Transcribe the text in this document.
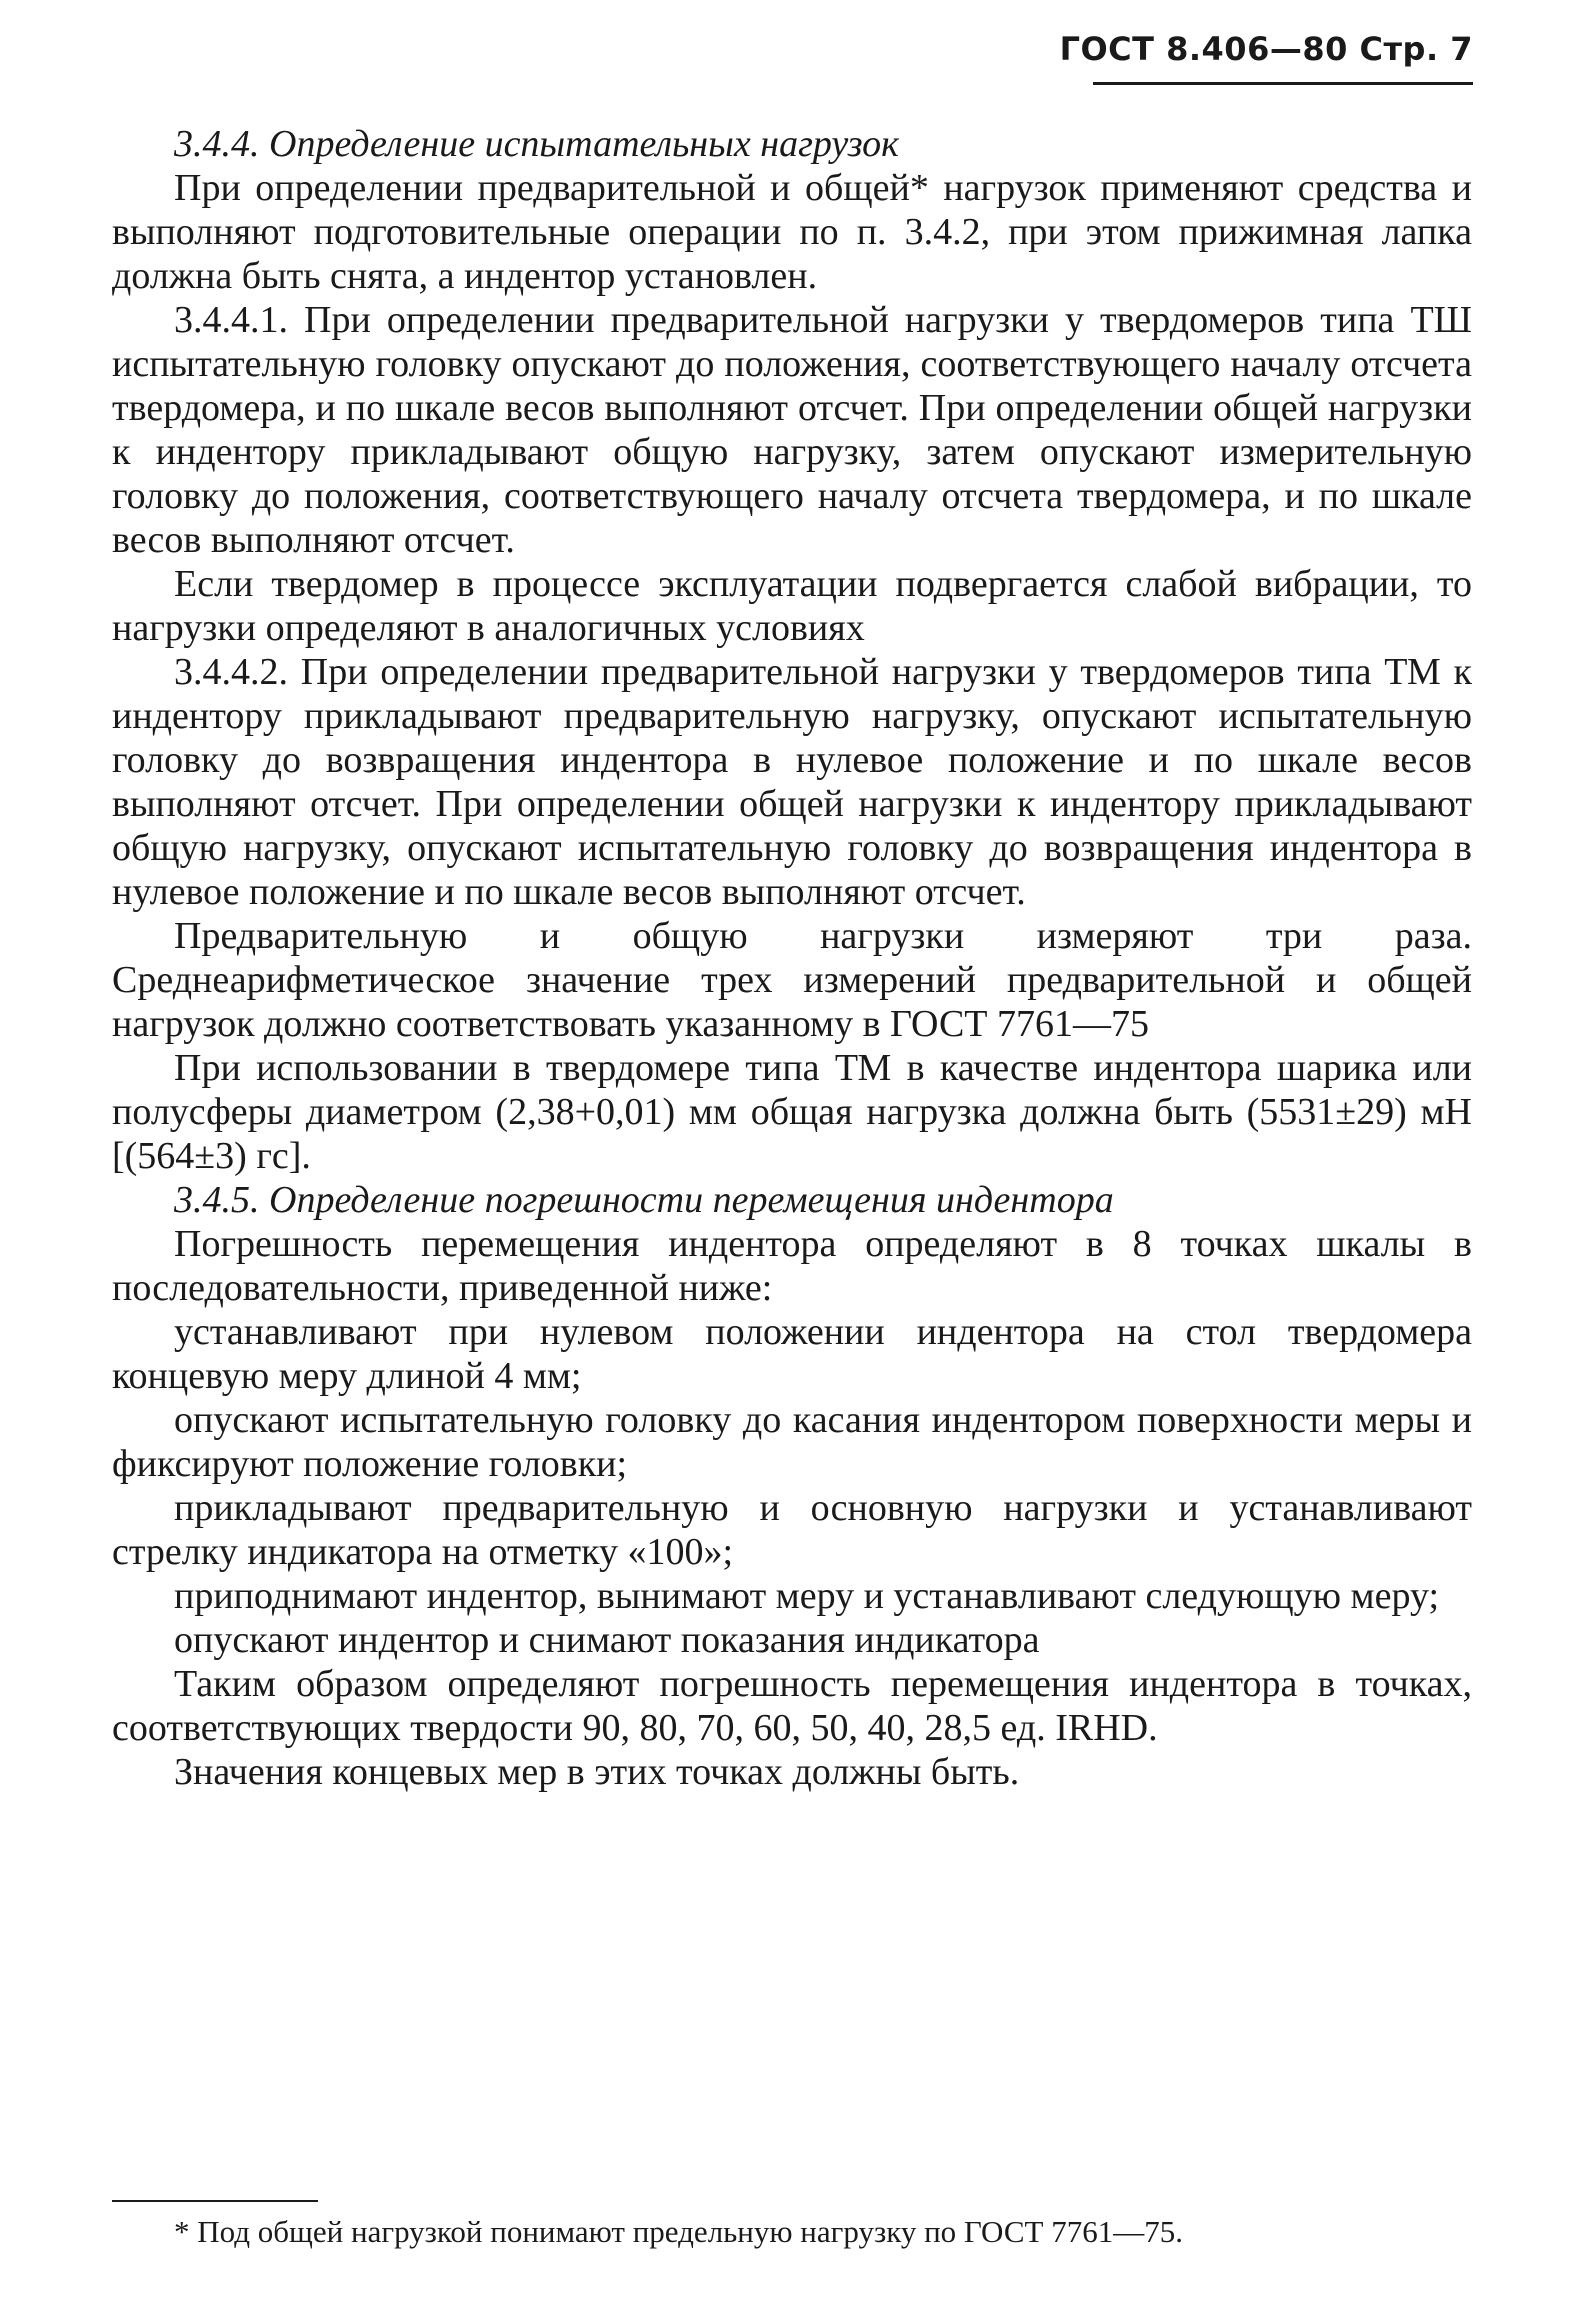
ГОСТ 8.406—80 Стр. 7

3.4.4. Определение испытательных нагрузок

При определении предварительной и общей* нагрузок применяют средства и выполняют подготовительные операции по п. 3.4.2, при этом прижимная лапка должна быть снята, а индентор установлен.

3.4.4.1. При определении предварительной нагрузки у твердомеров типа ТШ испытательную головку опускают до положения, соответствующего началу отсчета твердомера, и по шкале весов выполняют отсчет. При определении общей нагрузки к индентору прикладывают общую нагрузку, затем опускают измерительную головку до положения, соответствующего началу отсчета твердомера, и по шкале весов выполняют отсчет.

Если твердомер в процессе эксплуатации подвергается слабой вибрации, то нагрузки определяют в аналогичных условиях

3.4.4.2. При определении предварительной нагрузки у твердомеров типа ТМ к индентору прикладывают предварительную нагрузку, опускают испытательную головку до возвращения индентора в нулевое положение и по шкале весов выполняют отсчет. При определении общей нагрузки к индентору прикладывают общую нагрузку, опускают испытательную головку до возвращения индентора в нулевое положение и по шкале весов выполняют отсчет.

Предварительную и общую нагрузки измеряют три раза. Среднеарифметическое значение трех измерений предварительной и общей нагрузок должно соответствовать указанному в ГОСТ 7761—75

При использовании в твердомере типа ТМ в качестве индентора шарика или полусферы диаметром (2,38+0,01) мм общая нагрузка должна быть (5531±29) мН [(564±3) гс].

3.4.5. Определение погрешности перемещения индентора

Погрешность перемещения индентора определяют в 8 точках шкалы в последовательности, приведенной ниже:

устанавливают при нулевом положении индентора на стол твердомера концевую меру длиной 4 мм;

опускают испытательную головку до касания индентором поверхности меры и фиксируют положение головки;

прикладывают предварительную и основную нагрузки и устанавливают стрелку индикатора на отметку «100»;

приподнимают индентор, вынимают меру и устанавливают следующую меру;

опускают индентор и снимают показания индикатора

Таким образом определяют погрешность перемещения индентора в точках, соответствующих твердости 90, 80, 70, 60, 50, 40, 28,5 ед. IRHD.

Значения концевых мер в этих точках должны быть.

* Под общей нагрузкой понимают предельную нагрузку по ГОСТ 7761—75.
